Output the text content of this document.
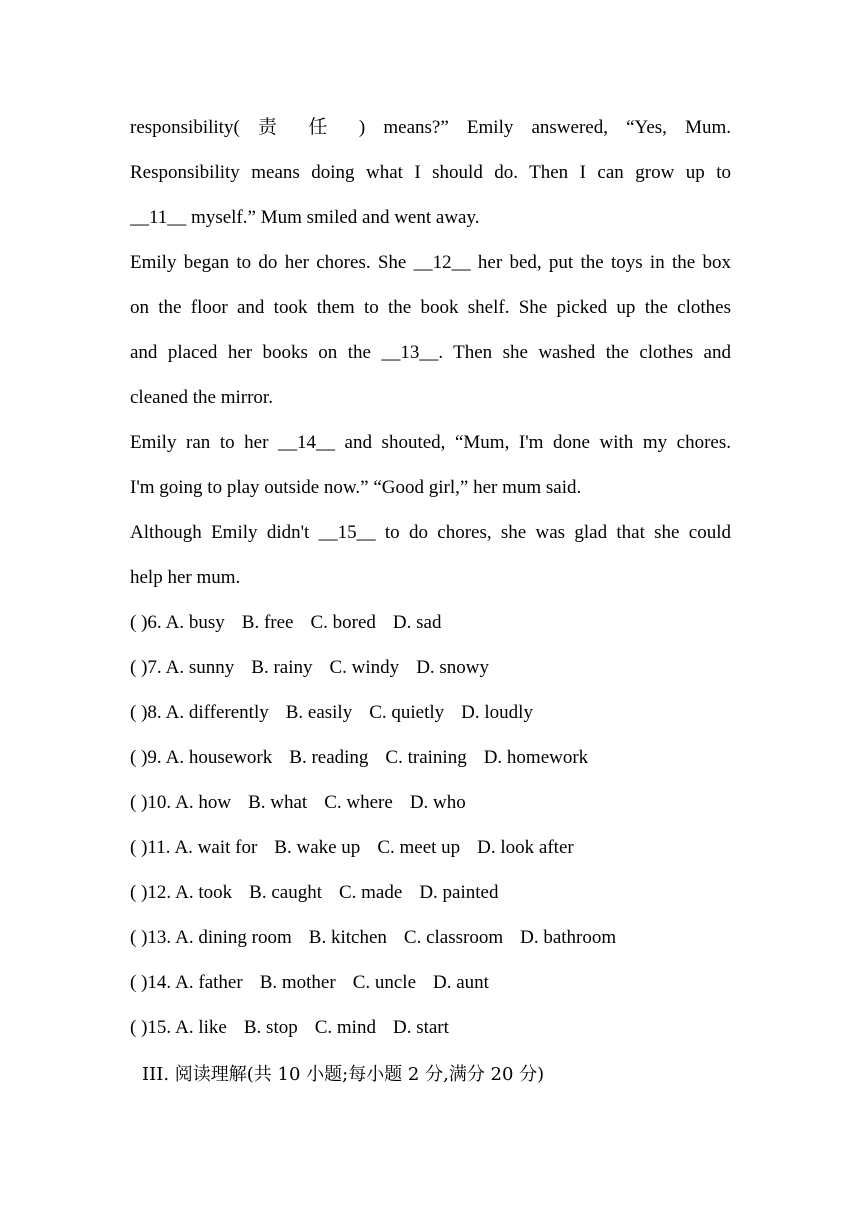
responsibility( 责 任 ) means?” Emily answered, “Yes, Mum.
Responsibility means doing what I should do. Then I can grow up to
__11__ myself.” Mum smiled and went away.
Emily began to do her chores. She __12__ her bed, put the toys in the box
on the floor and took them to the book shelf. She picked up the clothes
and placed her books on the __13__. Then she washed the clothes and
cleaned the mirror.
Emily ran to her __14__ and shouted, “Mum, I'm done with my chores.
I'm going to play outside now.” “Good girl,” her mum said.
Although Emily didn't __15__ to do chores, she was glad that she could
help her mum.
( )6. A. busy B. free C. bored D. sad
( )7. A. sunny B. rainy C. windy D. snowy
( )8. A. differently B. easily C. quietly D. loudly
( )9. A. housework B. reading C. training D. homework
( )10. A. how B. what C. where D. who
( )11. A. wait for B. wake up C. meet up D. look after
( )12. A. took B. caught C. made D. painted
( )13. A. dining room B. kitchen C. classroom D. bathroom
( )14. A. father B. mother C. uncle D. aunt
( )15. A. like B. stop C. mind D. start
III. 阅读理解(共 10 小题;每小题 2 分,满分 20 分)
